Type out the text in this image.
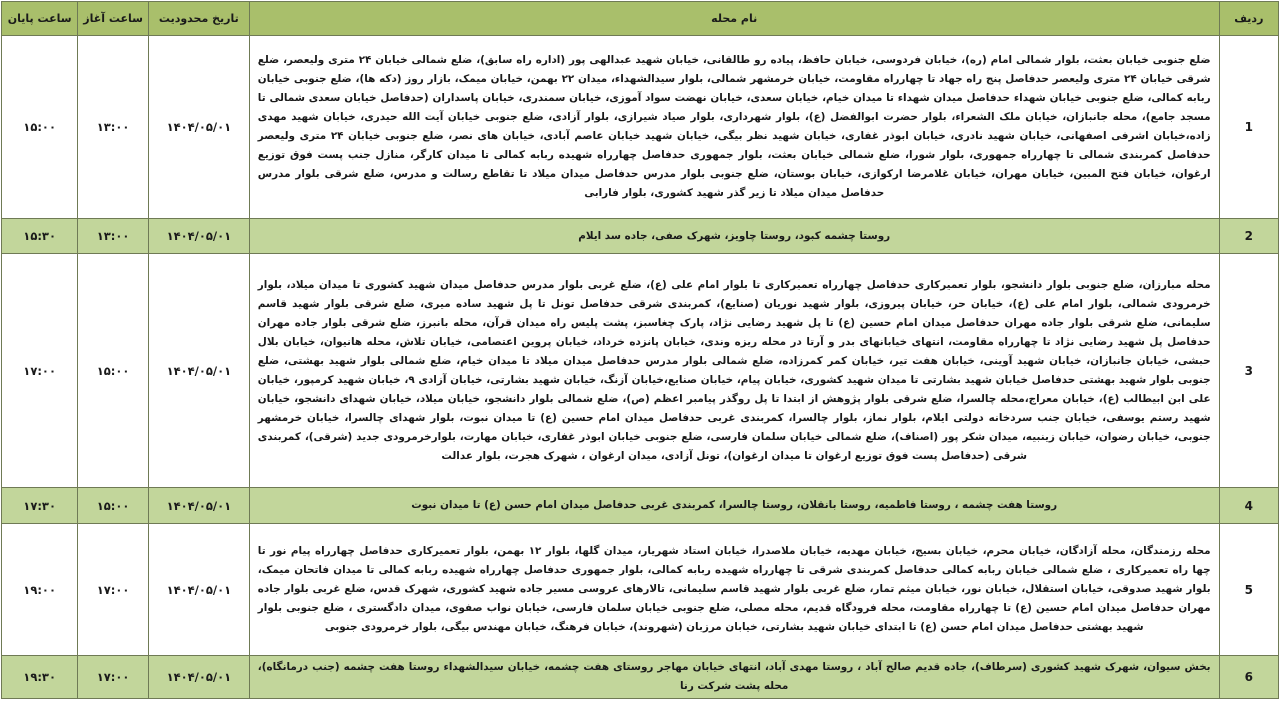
ردیف	نام محله	تاریخ محدودیت	ساعت آغاز	ساعت پایان
1	ضلع جنوبی خیابان بعثت، بلوار شمالی امام (ره)، خیابان فردوسی، خیابان حافظ، پیاده رو طالقانی، خیابان شهید عبدالهی پور (اداره راه سابق)، ضلع شمالی خیابان ۲۴ متری ولیعصر، ضلع شرقی خیابان ۲۴ متری ولیعصر حدفاصل پنج راه جهاد تا چهارراه مقاومت، خیابان خرمشهر شمالی، بلوار سیدالشهداء، میدان ۲۲ بهمن، خیابان میمک، بازار روز (دکه ها)، ضلع جنوبی خیابان ربابه کمالی، ضلع جنوبی خیابان شهداء حدفاصل میدان شهداء تا میدان خیام، خیابان سعدی، خیابان نهضت سواد آموزی، خیابان سمندری، خیابان پاسداران (حدفاصل خیابان سعدی شمالی تا مسجد جامع)، محله جانبازان، خیابان ملک الشعراء، بلوار حضرت ابوالفضل (ع)، بلوار شهرداری، بلوار صیاد شیرازی، بلوار آزادی، ضلع جنوبی خیابان آیت الله حیدری، خیابان شهید مهدی زاده،خیابان اشرفی اصفهانی، خیابان شهید نادری، خیابان ابوذر غفاری، خیابان شهید نظر بیگی، خیابان شهید خیابان عاصم آبادی، خیابان های نصر، ضلع جنوبی خیابان ۲۴ متری ولیعصر حدفاصل کمربندی شمالی تا چهارراه جمهوری، بلوار شورا، ضلع شمالی خیابان بعثت، بلوار جمهوری حدفاصل چهارراه شهیده ربابه کمالی تا میدان کارگر، منازل جنب پست فوق توزیع ارغوان، خیابان فتح المبین، خیابان مهران، خیابان غلامرضا ارکوازی، خیابان بوستان، ضلع جنوبی بلوار مدرس حدفاصل میدان میلاد تا تقاطع رسالت و مدرس، ضلع شرقی بلوار مدرس حدفاصل میدان میلاد تا زیر گذر شهید کشوری، بلوار فارابی	۱۴۰۴/۰۵/۰۱	۱۳:۰۰	۱۵:۰۰
2	روستا چشمه کبود، روستا چاویز، شهرک صفی، جاده سد ایلام	۱۴۰۴/۰۵/۰۱	۱۳:۰۰	۱۵:۳۰
3	محله مبارزان، ضلع جنوبی بلوار دانشجو، بلوار تعمیرکاری حدفاصل چهارراه تعمیرکاری تا بلوار امام علی (ع)، ضلع غربی بلوار مدرس حدفاصل میدان شهید کشوری تا میدان میلاد، بلوار خرمرودی شمالی، بلوار امام علی (ع)، خیابان حر، خیابان پیروزی، بلوار شهید نوریان (صنایع)، کمربندی شرقی حدفاصل تونل تا پل شهید ساده میری، ضلع شرقی بلوار شهید قاسم سلیمانی، ضلع شرقی بلوار جاده مهران حدفاصل میدان امام حسین (ع) تا پل شهید رضایی نژاد، پارک چغاسبز، پشت پلیس راه میدان قرآن، محله بانبرز، ضلع شرقی بلوار جاده مهران حدفاصل پل شهید رضایی نژاد تا چهارراه مقاومت، انتهای خیابانهای بدر و آرتا در محله ریزه وندی، خیابان پانزده خرداد، خیابان پروین اعتصامی، خیابان تلاش، محله هانیوان، خیابان بلال حبشی، خیابان جانبازان، خیابان شهید آوینی، خیابان هفت تیر، خیابان کمر کمرزاده، ضلع شمالی بلوار مدرس حدفاصل میدان میلاد تا میدان خیام، ضلع شمالی بلوار شهید بهشتی، ضلع جنوبی بلوار شهید بهشتی حدفاصل خیابان شهید بشارتی تا میدان شهید کشوری، خیابان پیام، خیابان صنایع،خیابان آزنگ، خیابان شهید بشارتی، خیابان آزادی ۹، خیابان شهید کرمپور، خیابان علی ابن ابیطالب (ع)، خیابان معراج،محله چالسرا، ضلع شرقی بلوار پژوهش از ابتدا تا پل روگذر پیامبر اعظم (ص)، ضلع شمالی بلوار دانشجو، خیابان میلاد، خیابان شهدای دانشجو، خیابان شهید رستم یوسفی، خیابان جنب سردخانه دولتی ایلام، بلوار نماز، بلوار چالسرا، کمربندی غربی حدفاصل میدان امام حسین (ع) تا میدان نبوت، بلوار شهدای چالسرا، خیابان خرمشهر جنوبی، خیابان رضوان، خیابان زینبیه، میدان شکر پور (اصناف)، ضلع شمالی خیابان سلمان فارسی، ضلع جنوبی خیابان ابوذر غفاری، خیابان مهارت، بلوارخرمرودی جدید (شرقی)، کمربندی شرقی (حدفاصل پست فوق توزیع ارغوان تا میدان ارغوان)، تونل آزادی، میدان ارغوان ، شهرک هجرت، بلوار عدالت	۱۴۰۴/۰۵/۰۱	۱۵:۰۰	۱۷:۰۰
4	روستا هفت چشمه ، روستا فاطمیه، روستا بانقلان، روستا چالسرا، کمربندی غربی حدفاصل میدان امام حسن (ع) تا میدان نبوت	۱۴۰۴/۰۵/۰۱	۱۵:۰۰	۱۷:۳۰
5	محله رزمندگان، محله آزادگان، خیابان محرم، خیابان بسیج، خیابان مهدیه، خیابان ملاصدرا، خیابان استاد شهریار، میدان گلها، بلوار ۱۲ بهمن، بلوار تعمیرکاری حدفاصل چهارراه پیام نور تا چها راه تعمیرکاری ، ضلع شمالی خیابان ربابه کمالی حدفاصل کمربندی شرقی تا چهارراه شهیده ربابه کمالی، بلوار جمهوری حدفاصل چهارراه شهیده ربابه کمالی تا میدان فاتحان میمک، بلوار شهید صدوقی، خیابان استقلال، خیابان نور، خیابان میثم تمار، ضلع غربی بلوار شهید قاسم سلیمانی، تالارهای عروسی مسیر جاده شهید کشوری، شهرک قدس، ضلع غربی بلوار جاده مهران حدفاصل میدان امام حسین (ع) تا چهارراه مقاومت، محله فرودگاه قدیم، محله مصلی، ضلع جنوبی خیابان سلمان فارسی، خیابان نواب صفوی، میدان دادگستری ، ضلع جنوبی بلوار شهید بهشتی حدفاصل میدان امام حسن (ع) تا ابتدای خیابان شهید بشارتی، خیابان مرزبان (شهروند)، خیابان فرهنگ، خیابان مهندس بیگی، بلوار خرمرودی جنوبی	۱۴۰۴/۰۵/۰۱	۱۷:۰۰	۱۹:۰۰
6	بخش سیوان، شهرک شهید کشوری (سرطاف)، جاده قدیم صالح آباد ، روستا مهدی آباد، انتهای خیابان مهاجر روستای هفت چشمه، خیابان سیدالشهداء روستا هفت چشمه (جنب درمانگاه)، محله پشت شرکت رنا	۱۴۰۴/۰۵/۰۱	۱۷:۰۰	۱۹:۳۰
